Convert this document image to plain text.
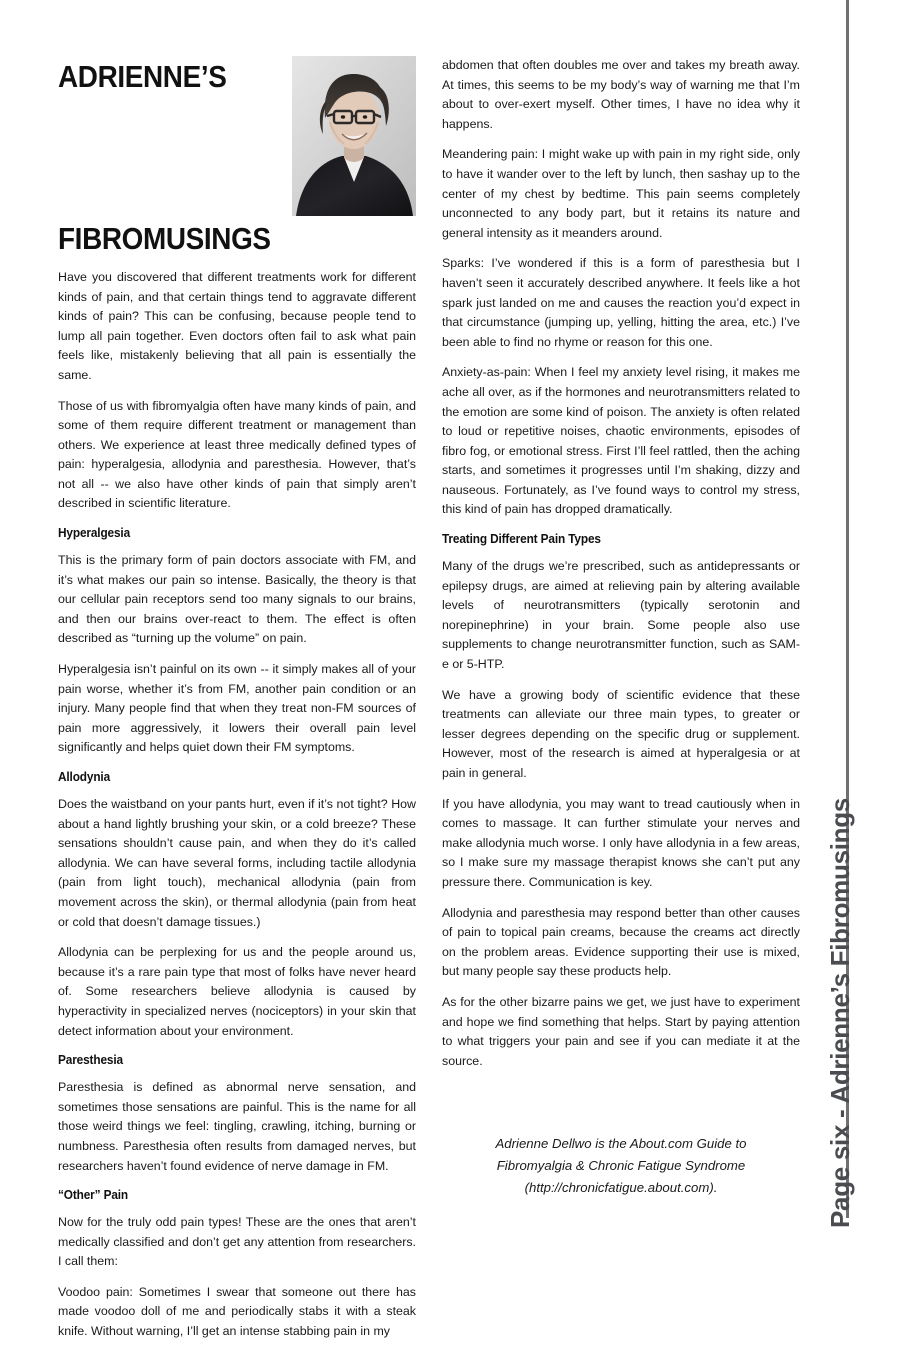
ADRIENNE’S
FIBROMUSINGS

Have you discovered that different treatments work for different kinds of pain, and that certain things tend to aggravate different kinds of pain? This can be confusing, because people tend to lump all pain together. Even doctors often fail to ask what pain feels like, mistakenly believing that all pain is essentially the same.

Those of us with fibromyalgia often have many kinds of pain, and some of them require different treatment or management than others. We experience at least three medically defined types of pain: hyperalgesia, allodynia and paresthesia. However, that’s not all -- we also have other kinds of pain that simply aren’t described in scientific literature.

Hyperalgesia

This is the primary form of pain doctors associate with FM, and it’s what makes our pain so intense. Basically, the theory is that our cellular pain receptors send too many signals to our brains, and then our brains over-react to them. The effect is often described as “turning up the volume” on pain.

Hyperalgesia isn’t painful on its own -- it simply makes all of your pain worse, whether it’s from FM, another pain condition or an injury. Many people find that when they treat non-FM sources of pain more aggressively, it lowers their overall pain level significantly and helps quiet down their FM symptoms.

Allodynia

Does the waistband on your pants hurt, even if it’s not tight? How about a hand lightly brushing your skin, or a cold breeze? These sensations shouldn’t cause pain, and when they do it’s called allodynia. We can have several forms, including tactile allodynia (pain from light touch), mechanical allodynia (pain from movement across the skin), or thermal allodynia (pain from heat or cold that doesn’t damage tissues.)

Allodynia can be perplexing for us and the people around us, because it’s a rare pain type that most of folks have never heard of. Some researchers believe allodynia is caused by hyperactivity in specialized nerves (nociceptors) in your skin that detect information about your environment.

Paresthesia

Paresthesia is defined as abnormal nerve sensation, and sometimes those sensations are painful. This is the name for all those weird things we feel: tingling, crawling, itching, burning or numbness. Paresthesia often results from damaged nerves, but researchers haven’t found evidence of nerve damage in FM.

“Other” Pain

Now for the truly odd pain types! These are the ones that aren’t medically classified and don’t get any attention from researchers. I call them:

Voodoo pain: Sometimes I swear that someone out there has made voodoo doll of me and periodically stabs it with a steak knife. Without warning, I’ll get an intense stabbing pain in my

abdomen that often doubles me over and takes my breath away. At times, this seems to be my body’s way of warning me that I’m about to over-exert myself. Other times, I have no idea why it happens.

Meandering pain: I might wake up with pain in my right side, only to have it wander over to the left by lunch, then sashay up to the center of my chest by bedtime. This pain seems completely unconnected to any body part, but it retains its nature and general intensity as it meanders around.

Sparks: I’ve wondered if this is a form of paresthesia but I haven’t seen it accurately described anywhere. It feels like a hot spark just landed on me and causes the reaction you’d expect in that circumstance (jumping up, yelling, hitting the area, etc.) I’ve been able to find no rhyme or reason for this one.

Anxiety-as-pain: When I feel my anxiety level rising, it makes me ache all over, as if the hormones and neurotransmitters related to the emotion are some kind of poison. The anxiety is often related to loud or repetitive noises, chaotic environments, episodes of fibro fog, or emotional stress. First I’ll feel rattled, then the aching starts, and sometimes it progresses until I’m shaking, dizzy and nauseous. Fortunately, as I’ve found ways to control my stress, this kind of pain has dropped dramatically.

Treating Different Pain Types

Many of the drugs we’re prescribed, such as antidepressants or epilepsy drugs, are aimed at relieving pain by altering available levels of neurotransmitters (typically serotonin and norepinephrine) in your brain. Some people also use supplements to change neurotransmitter function, such as SAM-e or 5-HTP.

We have a growing body of scientific evidence that these treatments can alleviate our three main types, to greater or lesser degrees depending on the specific drug or supplement. However, most of the research is aimed at hyperalgesia or at pain in general.

If you have allodynia, you may want to tread cautiously when in comes to massage. It can further stimulate your nerves and make allodynia much worse. I only have allodynia in a few areas, so I make sure my massage therapist knows she can’t put any pressure there. Communication is key.

Allodynia and paresthesia may respond better than other causes of pain to topical pain creams, because the creams act directly on the problem areas. Evidence supporting their use is mixed, but many people say these products help.

As for the other bizarre pains we get, we just have to experiment and hope we find something that helps. Start by paying attention to what triggers your pain and see if you can mediate it at the source.

Adrienne Dellwo is the About.com Guide to
Fibromyalgia & Chronic Fatigue Syndrome
(http://chronicfatigue.about.com).	Page six - Adrienne’s Fibromusings
